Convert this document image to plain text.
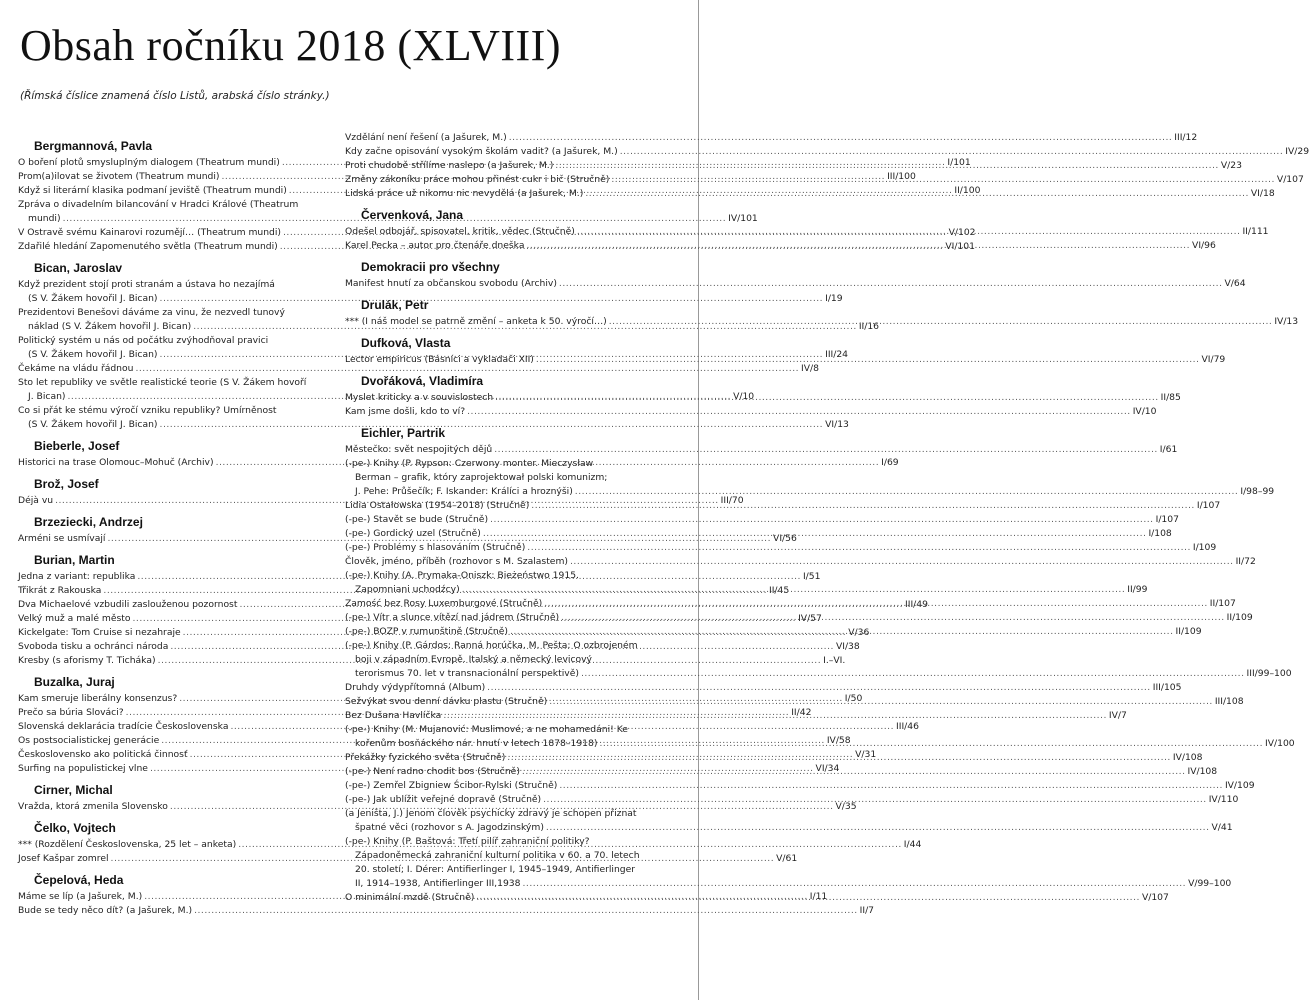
Obsah ročníku 2018 (XLVIII)
(Římská číslice znamená číslo Listů, arabská číslo stránky.)
Bergmannová, Pavla
O boření plotů smysluplným dialogem (Theatrum mundi) .....	I/101
Prom(a)ilovat se životem (Theatrum mundi) .....	III/100
Když si literární klasika podmaní jeviště (Theatrum mundi) .....	II/100
Zpráva o divadelním bilancování v Hradci Králové (Theatrum
mundi) .....	IV/101
V Ostravě svému Kainarovi rozumějí… (Theatrum mundi) .....	V/102
Zdařilé hledání Zapomenutého světla (Theatrum mundi) .....	VI/101
Bican, Jaroslav
Když prezident stojí proti stranám a ústava ho nezajímá
(S V. Žákem hovořil J. Bican) .....	I/19
Prezidentovi Benešovi dáváme za vinu, že nezvedl tunový
náklad (S V. Žákem hovořil J. Bican) .....	II/16
Politický systém u nás od počátku zvýhodňoval pravici
(S V. Žákem hovořil J. Bican) .....	III/24
Čekáme na vládu řádnou .....	IV/8
Sto let republiky ve světle realistické teorie (S V. Žákem hovoří
J. Bican) .....	V/10
Co si přát ke stému výročí vzniku republiky? Umírněnost
(S V. Žákem hovořil J. Bican) .....	VI/13
Bieberle, Josef
Historici na trase Olomouc–Mohuč (Archiv) .....	I/69
Brož, Josef
Déjà vu .....	III/70
Brzeziecki, Andrzej
Arméni se usmívají .....	VI/56
Burian, Martin
Jedna z variant: republika .....	I/51
Třikrát z Rakouska .....	II/45
Dva Michaelové vzbudili zaslouženou pozornost .....	III/49
Velký muž a malé město .....	IV/57
Kickelgate: Tom Cruise si nezahraje .....	V/36
Svoboda tisku a ochránci národa .....	VI/38
Kresby (s aforismy T. Ticháka) .....	I.–VI.
Buzalka, Juraj
Kam smeruje liberálny konsenzus? .....	I/50
Prečo sa búria Slováci? .....	II/42
Slovenská deklarácia tradície Československa .....	III/46
Os postsocialistickej generácie .....	IV/58
Československo ako politická činnosť .....	V/31
Surfing na populistickej vlne .....	VI/34
Cirner, Michal
Vražda, ktorá zmenila Slovensko .....	V/35
Čelko, Vojtech
*** (Rozdělení Československa, 25 let – anketa) .....	I/44
Josef Kašpar zomrel .....	V/61
Čepelová, Heda
Máme se líp (a Jašurek, M.) .....	I/11
Bude se tedy něco dít? (a Jašurek, M.) .....	II/7
Vzdělání není řešení (a Jašurek, M.) .....	III/12
Kdy začne opisování vysokým školám vadit? (a Jašurek, M.) .....	IV/29
Proti chudobě střílíme naslepo (a Jašurek, M.) .....	V/23
Změny zákoníku práce mohou přinést cukr i bič (Stručně) .....	V/107
Lidská práce už nikomu nic nevydělá (a Jašurek, M.) .....	VI/18
Červenková, Jana
Odešel odbojář, spisovatel, kritik, vědec (Stručně) .....	II/111
Karel Pecka – autor pro čtenáře dneška .....	VI/96
Demokracii pro všechny
Manifest hnutí za občanskou svobodu (Archiv) .....	V/64
Drulák, Petr
*** (I náš model se patrně změní – anketa k 50. výročí…) .....	IV/13
Dufková, Vlasta
Lector empiricus (Básníci a vykladači XII) .....	VI/79
Dvořáková, Vladimíra
Myslet kriticky a v souvislostech .....	II/85
Kam jsme došli, kdo to ví? .....	IV/10
Eichler, Partrik
Městečko: svět nespojitých dějů .....	I/61
(-pe-) Knihy (P. Rypson: Czerwony monter. Mieczysław
Berman – grafik, który zaprojektował polski komunizm;
J. Pehe: Průšečík; F. Iskander: Králíci a hroznýši) .....	I/98–99
Lidia Ostałowska (1954–2018) (Stručně) .....	I/107
(-pe-) Stavět se bude (Stručně) .....	I/107
(-pe-) Gordický uzel (Stručně) .....	I/108
(-pe-) Problémy s hlasováním (Stručně) .....	I/109
Člověk, jméno, příběh (rozhovor s M. Szalastem) .....	II/72
(-pe-) Knihy (A. Prymaka-Oniszk: Bieżeństwo 1915.
Zapomniani uchodźcy) .....	II/99
Zamość bez Rosy Luxemburgové (Stručně) .....	II/107
(-pe-) Vítr a slunce vítězí nad jádrem (Stručně) .....	II/109
(-pe-) BOZP v rumunštině (Stručně) .....	II/109
(-pe-) Knihy (P. Gárdos: Ranná horúčka, M. Pešta: O ozbrojeném
boji v západním Evropě. Italský a německý levicový
terorismus 70. let v transnacionální perspektivě) .....	III/99–100
Druhdy výdypřítomná (Album) .....	III/105
Sežvýkat svou denní dávku plastu (Stručně) .....	III/108
Bez Dušana Havlíčka .....	IV/7
(-pe-) Knihy (M. Mujanović: Muslimové, a ne mohamedáni! Ke
kořenům bosňáckého nár. hnutí v letech 1878–1918) .....	IV/100
Překážky fyzického světa (Stručně) .....	IV/108
(-pe-) Není radno chodit bos (Stručně) .....	IV/108
(-pe-) Zemřel Zbigniew Ścibor-Rylski (Stručně) .....	IV/109
(-pe-) Jak ublížit veřejné dopravě (Stručně) .....	IV/110
(a Jeništa, J.) Jenom člověk psychicky zdravý je schopen přiznat
špatné věci (rozhovor s A. Jagodzinským) .....	V/41
(-pe-) Knihy (P. Baštová: Třetí pilíř zahraniční politiky?
Západoněmecká zahraniční kulturní politika v 60. a 70. letech
20. století; I. Dérer: Antifierlinger I, 1945–1949, Antifierlinger
II, 1914–1938, Antifierlinger III,1938 .....	V/99–100
O minimální mzdě (Stručně) .....	V/107
